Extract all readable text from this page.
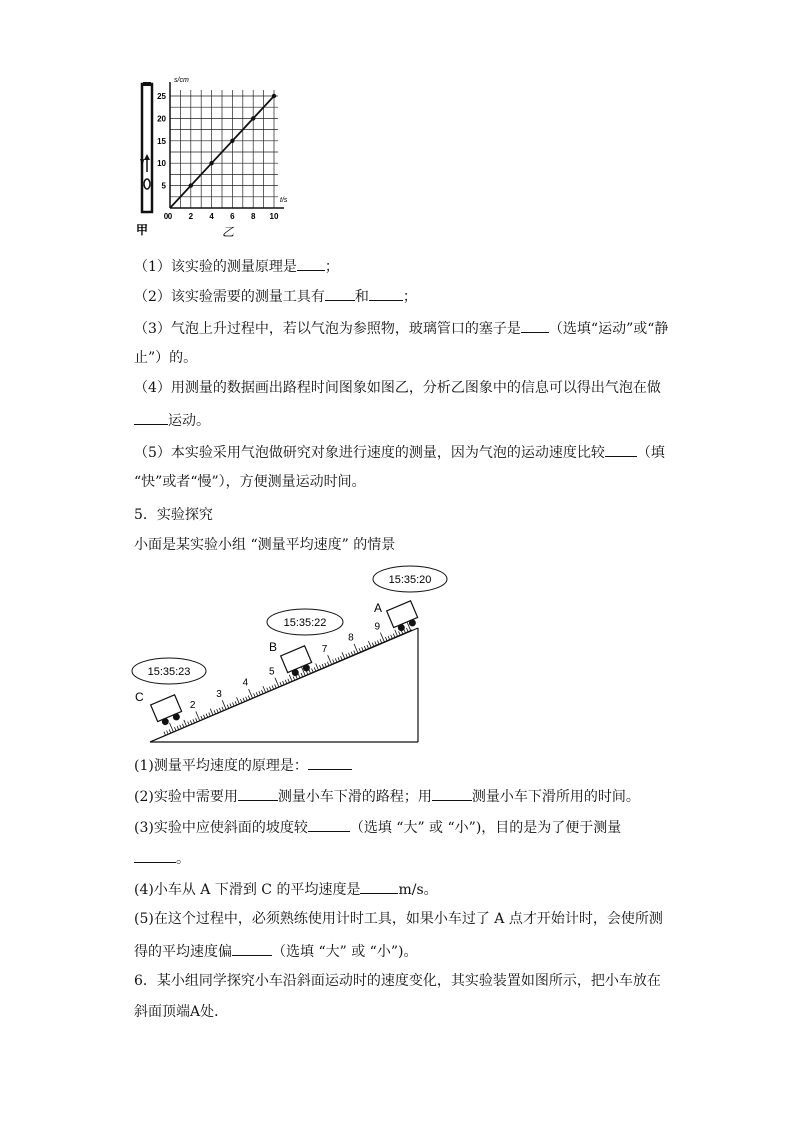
v
甲	乙
0 2 4 6 8 10
0
5
10
15
20
25
s/cm
t/s
（1）该实验的测量原理是 ；
（2）该实验需要的测量工具有 和 ；
（3）气泡上升过程中，若以气泡为参照物，玻璃管口的塞子是 （选填“运动”或“静
止”）的。
（4）用测量的数据画出路程时间图象如图乙，分析乙图象中的信息可以得出气泡在做
运动。
（5）本实验采用气泡做研究对象进行速度的测量，因为气泡的运动速度比较 （填
“快”或者“慢”），方便测量运动时间。
5．实验探究
小面是某实验小组 “测量平均速度” 的情景
2
3
4
5
7
8
9
15:35:20
15:35:22
15:35:23
A
B
C
(1)测量平均速度的原理是：
(2)实验中需要用	测量小车下滑的路程；用	测量小车下滑所用的时间。
(3)实验中应使斜面的坡度较	（选填 “大” 或 “小”)，目的是为了便于测量
。
(4)小车从 A 下滑到 C 的平均速度是	m/s。
(5)在这个过程中，必须熟练使用计时工具，如果小车过了 A 点才开始计时，会使所测
得的平均速度偏	（选填 “大” 或 “小”)。
6．某小组同学探究小车沿斜面运动时的速度变化，其实验装置如图所示，把小车放在
斜面顶端A处．
